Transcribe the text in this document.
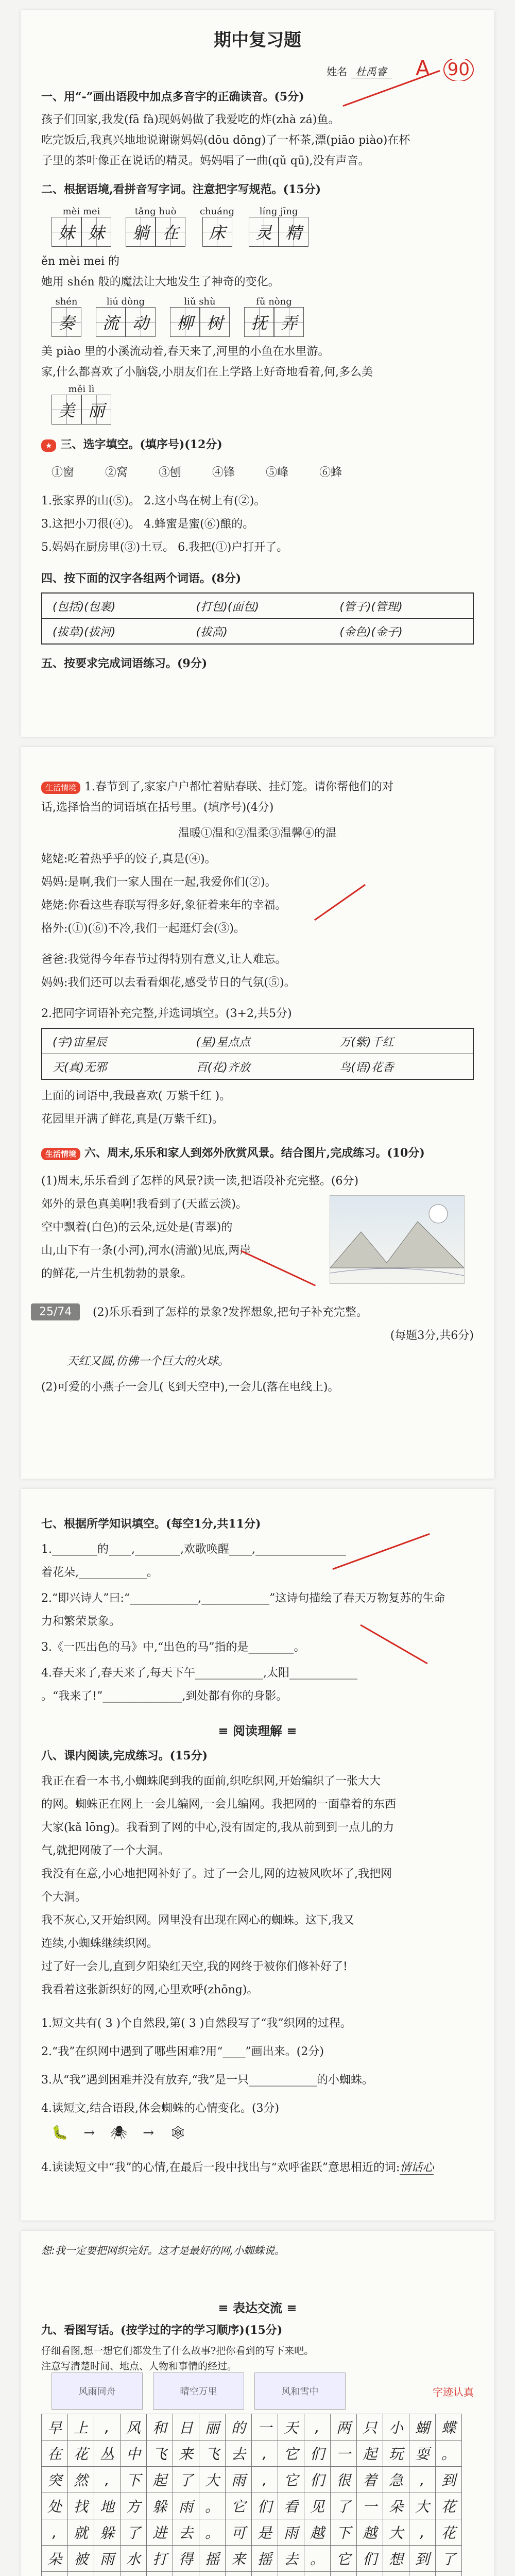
期中复习题
姓名 杜禹睿 A 90
一、用“-”画出语段中加点多音字的正确读音。(5分)
孩子们回家,我发(fā fà)现妈妈做了我爱吃的炸(zhà zá)鱼。
吃完饭后,我真兴地地说谢谢妈妈(dōu dōng)了一杯茶,漂(piāo piào)在杯
子里的茶叶像正在说话的精灵。妈妈唱了一曲(qǔ qū),没有声音。
二、根据语境,看拼音写字词。注意把字写规范。(15分)
mèi mei
妹 妹
tǎng huò
躺 在
chuáng
床
líng jīng
灵 精
ěn mèi mei 的
她用 shén 般的魔法让大地发生了神奇的变化。
shén
奏
liú dòng
流 动
liǔ shù
柳 树
fǔ nòng
抚 弄
美 piào 里的小溪流动着,春天来了,河里的小鱼在水里游。
家,什么都喜欢了小脑袋,小朋友们在上学路上好奇地看着,何,多么美
měi lì
美 丽
★ 三、选字填空。(填序号)(12分)
①窗	②窝	③刨	④锋	⑤峰	⑥蜂
1.张家界的山(⑤)。 2.这小鸟在树上有(②)。
3.这把小刀很(④)。 4.蜂蜜是蜜(⑥)酿的。
5.妈妈在厨房里(③)土豆。 6.我把(①)户打开了。
四、按下面的汉字各组两个词语。(8分)
(包括)(包裹)	(打包)(面包)	(管子)(管理)
(拔草)(拔河)	(拔高)	(金色)(金子)
五、按要求完成词语练习。(9分)
生活情境 1.春节到了,家家户户都忙着贴春联、挂灯笼。请你帮他们的对
话,选择恰当的词语填在括号里。(填序号)(4分)
温暖①温和②温柔③温馨④的温
姥姥:吃着热乎乎的饺子,真是(④)。
妈妈:是啊,我们一家人围在一起,我爱你们(②)。
姥姥:你看这些春联写得多好,象征着来年的幸福。
格外:(①)(⑥)不冷,我们一起逛灯会(③)。
爸爸:我觉得今年春节过得特别有意义,让人难忘。
妈妈:我们还可以去看看烟花,感受节日的气氛(⑤)。
2.把同字词语补充完整,并选词填空。(3+2,共5分)
(宇)宙星辰	(星)星点点	万(紫)千红
天(真)无邪	百(花)齐放	鸟(语)花香
上面的词语中,我最喜欢( 万紫千红 )。
花园里开满了鲜花,真是(万紫千红)。
生活情境 六、周末,乐乐和家人到郊外欣赏风景。结合图片,完成练习。(10分)
(1)周末,乐乐看到了怎样的风景?读一读,把语段补充完整。(6分)
郊外的景色真美啊!我看到了(天蓝云淡)。
空中飘着(白色)的云朵,远处是(青翠)的
山,山下有一条(小河),河水(清澈)见底,两岸
的鲜花,一片生机勃勃的景象。
25/74	(2)乐乐看到了怎样的景象?发挥想象,把句子补充完整。
(每题3分,共6分)
天红又圆,仿佛一个巨大的火球。
(2)可爱的小燕子一会儿(飞到天空中),一会儿(落在电线上)。
七、根据所学知识填空。(每空1分,共11分)
1.________的____,________,欢歌唤醒____,________________
着花朵,____________。
2.“即兴诗人”曰:“____________,____________”这诗句描绘了春天万物复苏的生命
力和繁荣景象。
3.《一匹出色的马》中,“出色的马”指的是________。
4.春天来了,春天来了,每天下午____________,太阳____________
。“我来了!”______________,到处都有你的身影。
≡ 阅读理解 ≡
八、课内阅读,完成练习。(15分)
我正在看一本书,小蜘蛛爬到我的面前,织吃织网,开始编织了一张大大
的网。蜘蛛正在网上一会儿编网,一会儿编网。我把网的一面靠着的东西
大家(kǎ lōng)。我看到了网的中心,没有固定的,我从前到到一点儿的力
气,就把网破了一个大洞。
我没有在意,小心地把网补好了。过了一会儿,网的边被风吹坏了,我把网
个大洞。
我不灰心,又开始织网。网里没有出现在网心的蜘蛛。这下,我又
连续,小蜘蛛继续织网。
过了好一会儿,直到夕阳染红天空,我的网终于被你们修补好了!
我看着这张新织好的网,心里欢呼(zhōng)。
1.短文共有( 3 )个自然段,第( 3 )自然段写了“我”织网的过程。
2.“我”在织网中遇到了哪些困难?用“____”画出来。(2分)
3.从“我”遇到困难并没有放弃,“我”是一只____________的小蜘蛛。
4.读短文,结合语段,体会蜘蛛的心情变化。(3分)
🐛 → 🕷 → 🕸
4.读读短文中“我”的心情,在最后一段中找出与“欢呼雀跃”意思相近的词:情话心
想:我一定要把网织完好。这才是最好的网,小蜘蛛说。
≡ 表达交流 ≡
九、看图写话。(按学过的字的学习顺序)(15分)
仔细看图,想一想它们都发生了什么故事?把你看到的写下来吧。
注意写清楚时间、地点、人物和事情的经过。
风雨同舟	晴空万里	风和雪中
早 上	,	风 和 日 丽 的 一 天	,	两 只 小 蝴 蝶
在 花 丛 中 飞 来 飞 去	,	它 们 一 起 玩 耍 。
突 然	,	下 起 了 大 雨	,	它 们 很 着 急	,	到
处 找 地 方 躲 雨 。 它 们 看 见 了 一 朵 大 花
,	就 躲 了 进 去 。 可 是 雨 越 下 越 大	,	花
朵 被 雨 水 打 得 摇 来 摇 去 。 它 们 想 到 了
字迹认真
